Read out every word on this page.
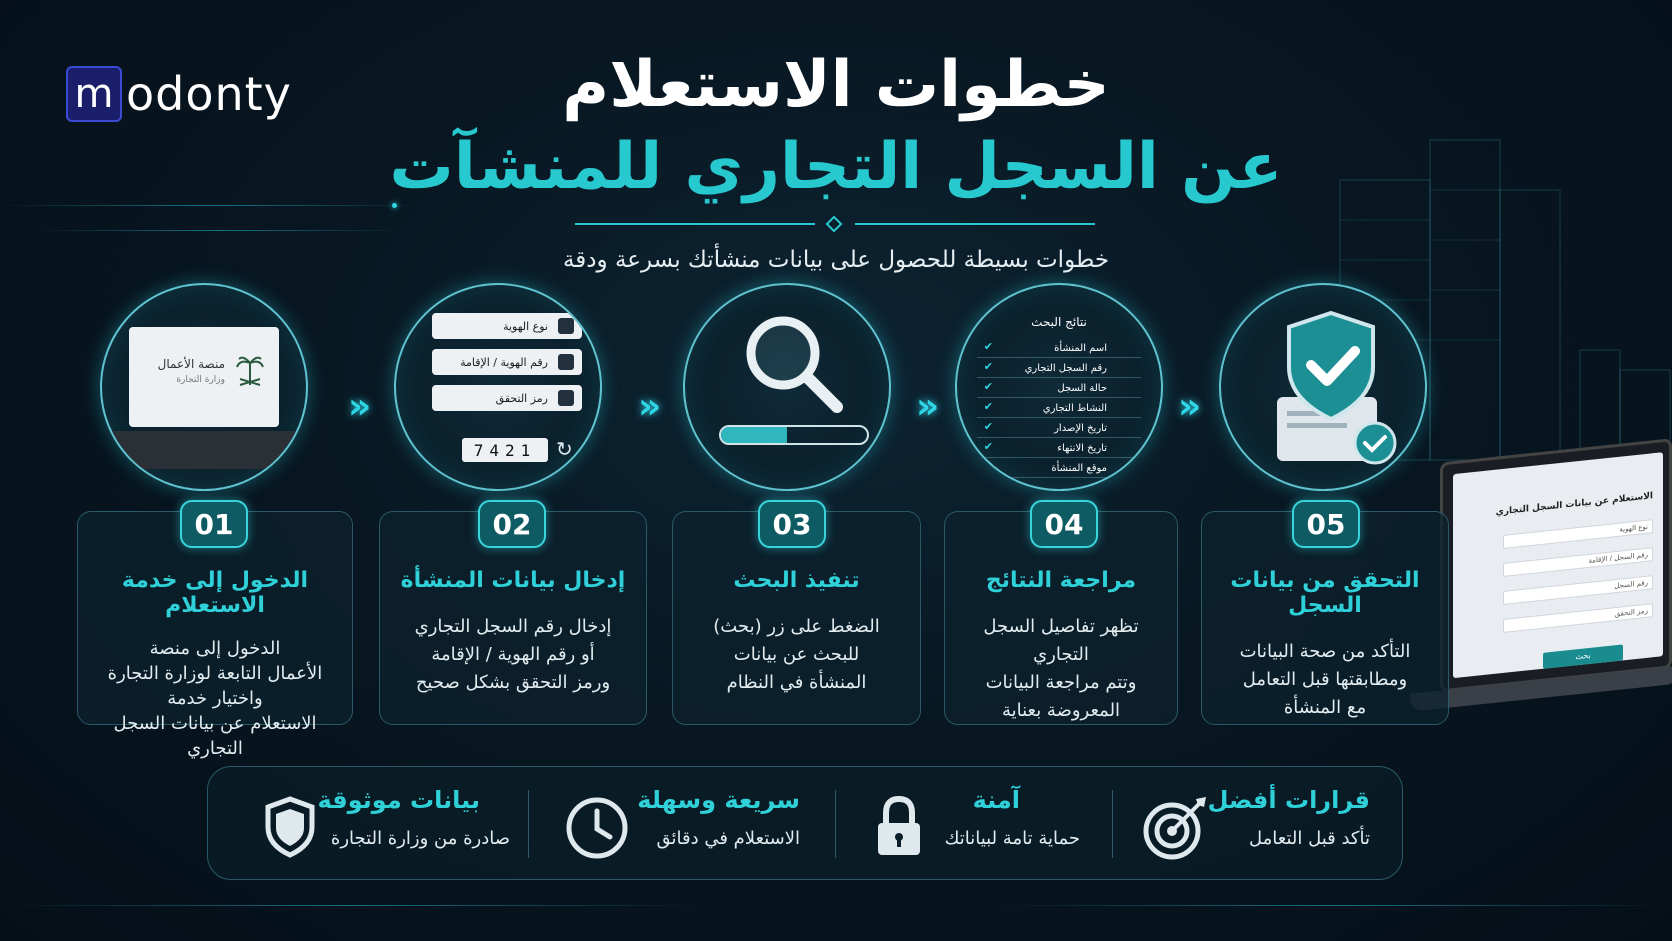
m odonty	خطوات الاستعلام
عن السجل التجاري للمنشآت
خطوات بسيطة للحصول على بيانات منشأتك بسرعة ودقة
منصة الأعمال
وزارة التجارة
»
نوع الهوية
رقم الهوية / الإقامة
رمز التحقق
7421 ↻
»	»
نتائج البحث
اسم المنشأة
✔
رقم السجل التجاري
✔
حالة السجل
✔
النشاط التجاري
✔
تاريخ الإصدار
✔
تاريخ الانتهاء
✔
موقع المنشأة
✔
»
الاستعلام عن بيانات السجل التجاري
نوع الهوية
رقم السجل / الإقامة
رقم السجل
رمز التحقق
بحث
الدخول إلى خدمة الاستعلام
الدخول إلى منصة
الأعمال التابعة لوزارة التجارة
واختيار خدمة
الاستعلام عن بيانات السجل التجاري
01
إدخال بيانات المنشأة
إدخال رقم السجل التجاري
أو رقم الهوية / الإقامة
ورمز التحقق بشكل صحيح
02
تنفيذ البحث
الضغط على زر (بحث)
للبحث عن بيانات
المنشأة في النظام
03
مراجعة النتائج
تظهر تفاصيل السجل التجاري
وتتم مراجعة البيانات
المعروضة بعناية
04
التحقق من بيانات السجل
التأكد من صحة البيانات
ومطابقتها قبل التعامل
مع المنشأة
05
بيانات موثوقة
صادرة من وزارة التجارة
سريعة وسهلة
الاستعلام في دقائق
آمنة
حماية تامة لبياناتك
قرارات أفضل
تأكد قبل التعامل
